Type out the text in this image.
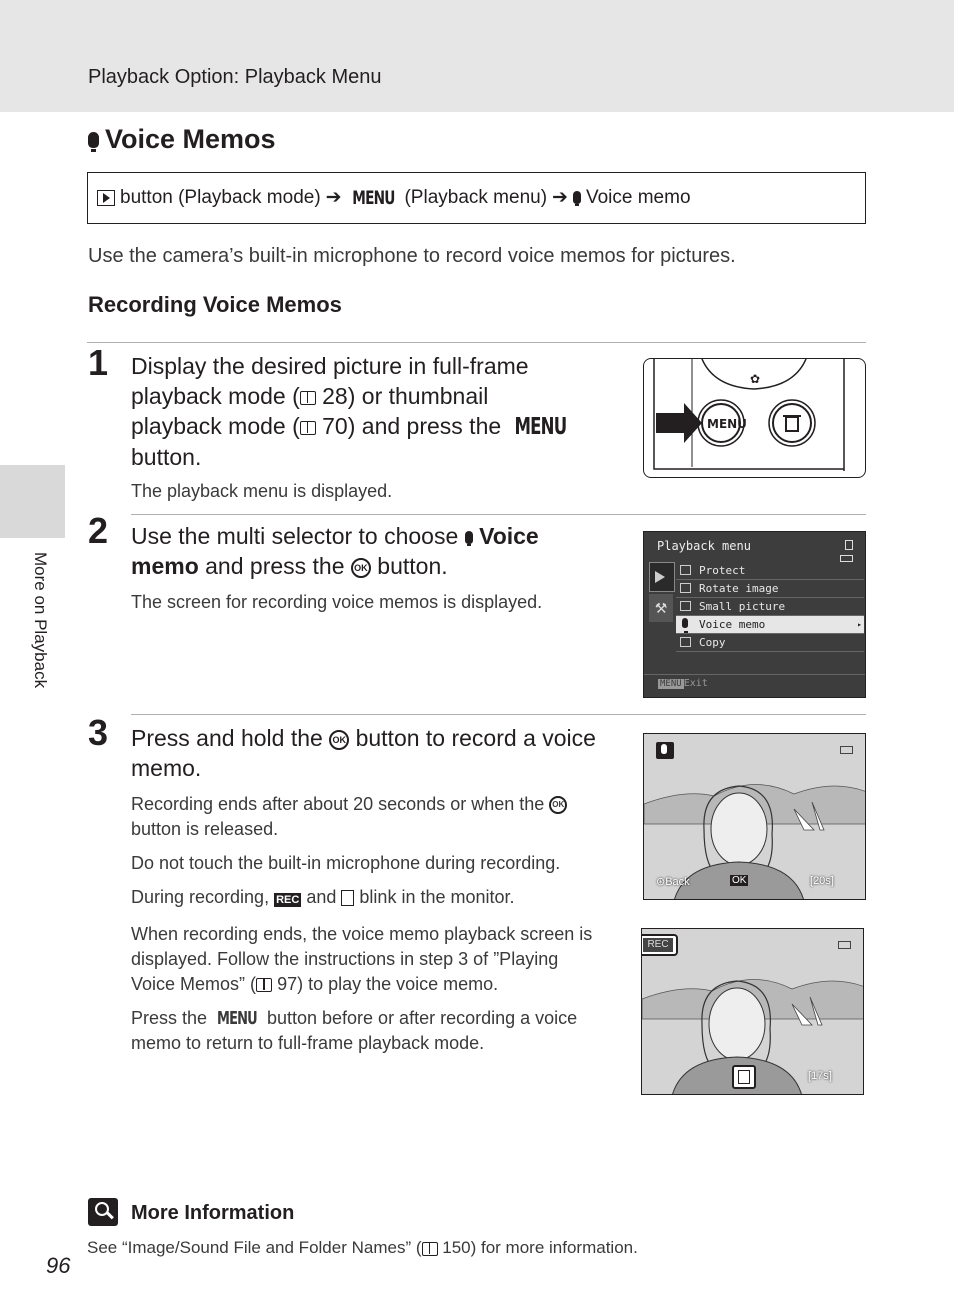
Playback Option: Playback Menu
More on Playback
Voice Memos
button (Playback mode) ➔ MENU (Playback menu) ➔ Voice memo
Use the camera’s built-in microphone to record voice memos for pictures.
Recording Voice Memos
1 Display the desired picture in full-frame
playback mode ( 28) or thumbnail
playback mode ( 70) and press the MENU
button.
The playback menu is displayed.
✿
MENU
2 Use the multi selector to choose Voice
memo and press the OK button.
The screen for recording voice memos is displayed.
Playback menu
⚒
Protect
Rotate image
Small picture
Voice memo	▸
Copy
MENU Exit
3 Press and hold the OK button to record a voice
memo.
Recording ends after about 20 seconds or when the OK
button is released.
Do not touch the built-in microphone during recording.
During recording, REC and blink in the monitor.
When recording ends, the voice memo playback screen is
displayed. Follow the instructions in step 3 of ”Playing
Voice Memos” ( 97) to play the voice memo.
Press the MENU button before or after recording a voice
memo to return to full-frame playback mode.
⊛Back	OK	[20s]
REC
[17s]
More Information
See “Image/Sound File and Folder Names” ( 150) for more information.
96
